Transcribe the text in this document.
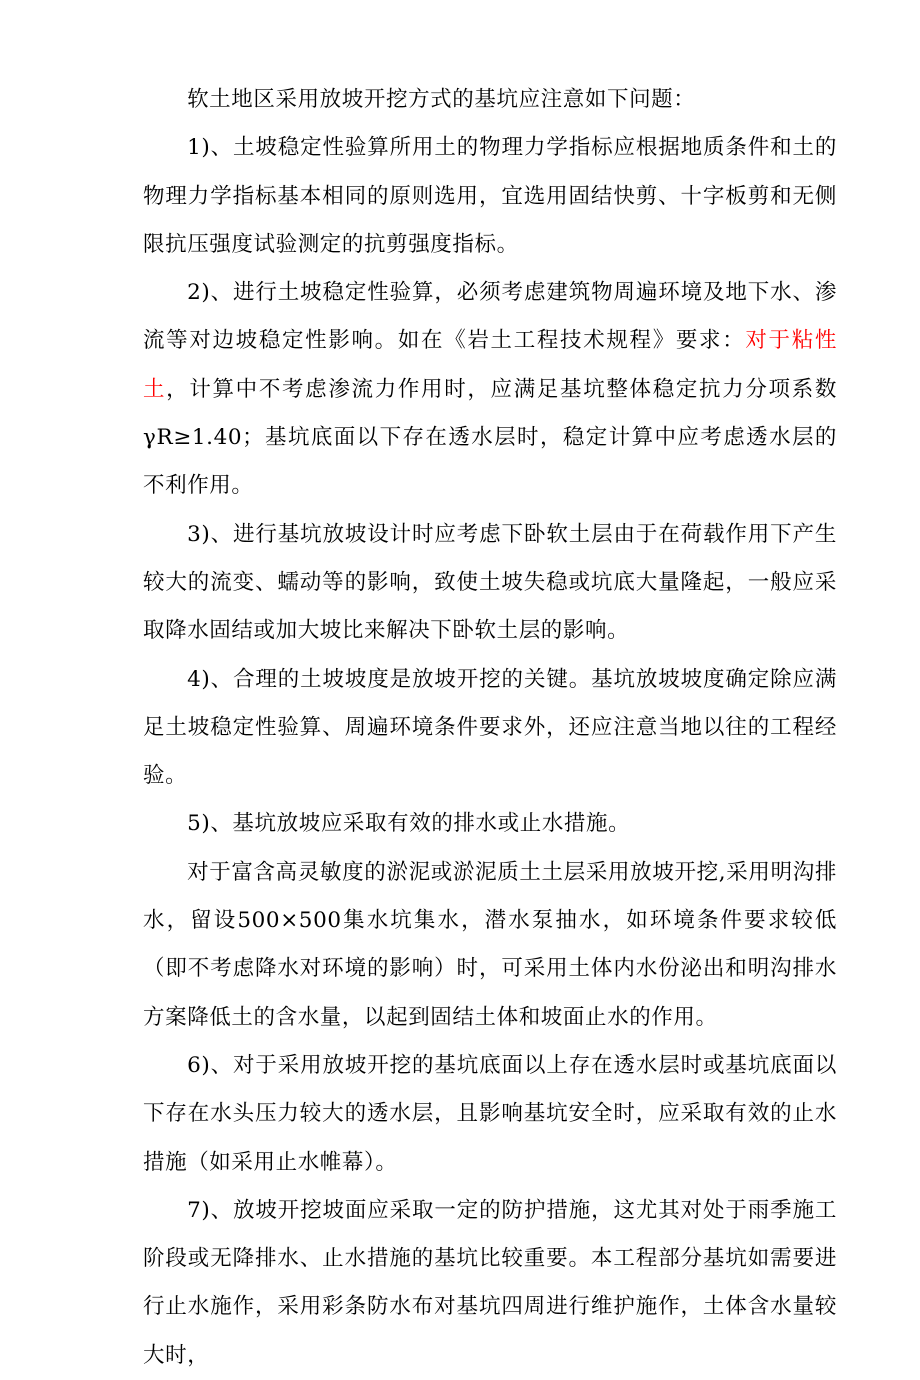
软土地区采用放坡开挖方式的基坑应注意如下问题：

1)、土坡稳定性验算所用土的物理力学指标应根据地质条件和土的物理力学指标基本相同的原则选用，宜选用固结快剪、十字板剪和无侧限抗压强度试验测定的抗剪强度指标。

2)、进行土坡稳定性验算，必须考虑建筑物周遍环境及地下水、渗流等对边坡稳定性影响。如在《岩土工程技术规程》要求：对于粘性土，计算中不考虑渗流力作用时，应满足基坑整体稳定抗力分项系数γR≥1.40；基坑底面以下存在透水层时，稳定计算中应考虑透水层的不利作用。

3)、进行基坑放坡设计时应考虑下卧软土层由于在荷载作用下产生较大的流变、蠕动等的影响，致使土坡失稳或坑底大量隆起，一般应采取降水固结或加大坡比来解决下卧软土层的影响。

4)、合理的土坡坡度是放坡开挖的关键。基坑放坡坡度确定除应满足土坡稳定性验算、周遍环境条件要求外，还应注意当地以往的工程经验。

5)、基坑放坡应采取有效的排水或止水措施。

对于富含高灵敏度的淤泥或淤泥质土土层采用放坡开挖,采用明沟排水，留设500×500集水坑集水，潜水泵抽水，如环境条件要求较低（即不考虑降水对环境的影响）时，可采用土体内水份泌出和明沟排水方案降低土的含水量，以起到固结土体和坡面止水的作用。

6)、对于采用放坡开挖的基坑底面以上存在透水层时或基坑底面以下存在水头压力较大的透水层，且影响基坑安全时，应采取有效的止水措施（如采用止水帷幕）。

7)、放坡开挖坡面应采取一定的防护措施，这尤其对处于雨季施工阶段或无降排水、止水措施的基坑比较重要。本工程部分基坑如需要进行止水施作，采用彩条防水布对基坑四周进行维护施作，土体含水量较大时，
